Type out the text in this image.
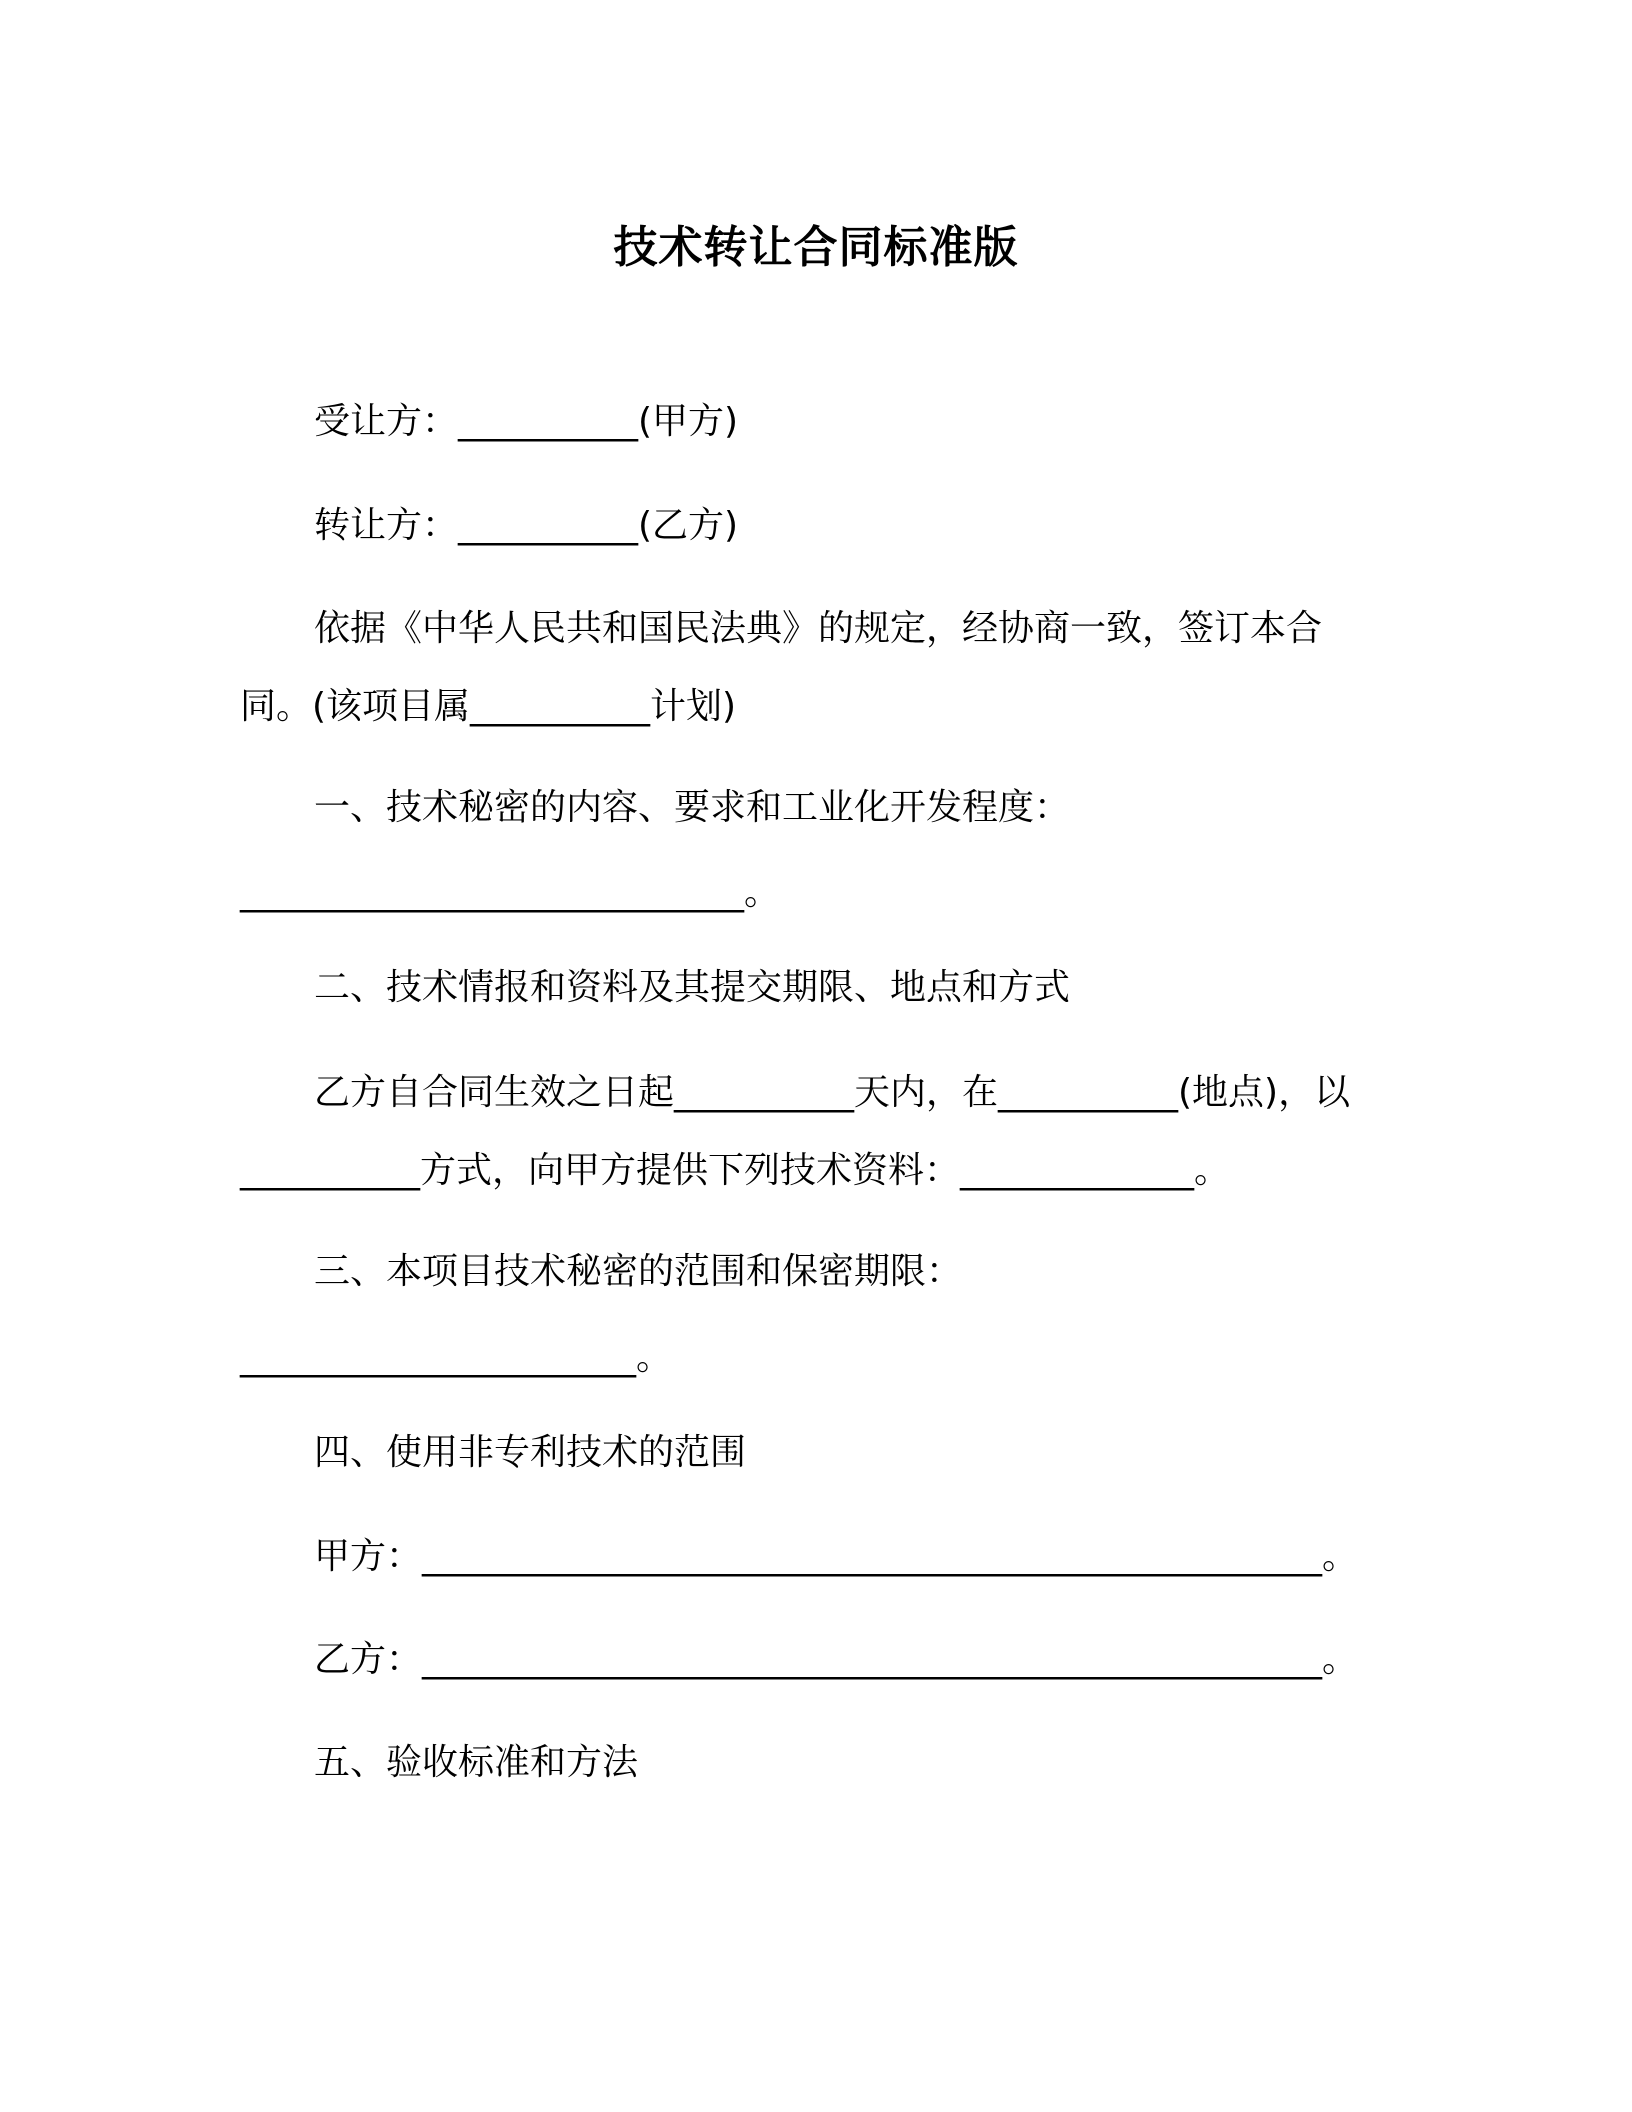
技术转让合同标准版
受让方：__________(甲方)
转让方：__________(乙方)
依据《中华人民共和国民法典》的规定，经协商一致，签订本合
同。(该项目属__________计划)
一、技术秘密的内容、要求和工业化开发程度：
____________________________。
二、技术情报和资料及其提交期限、地点和方式
乙方自合同生效之日起__________天内，在__________(地点)，以
__________方式，向甲方提供下列技术资料：_____________。
三、本项目技术秘密的范围和保密期限：
______________________。
四、使用非专利技术的范围
甲方：__________________________________________________。
乙方：__________________________________________________。
五、验收标准和方法
